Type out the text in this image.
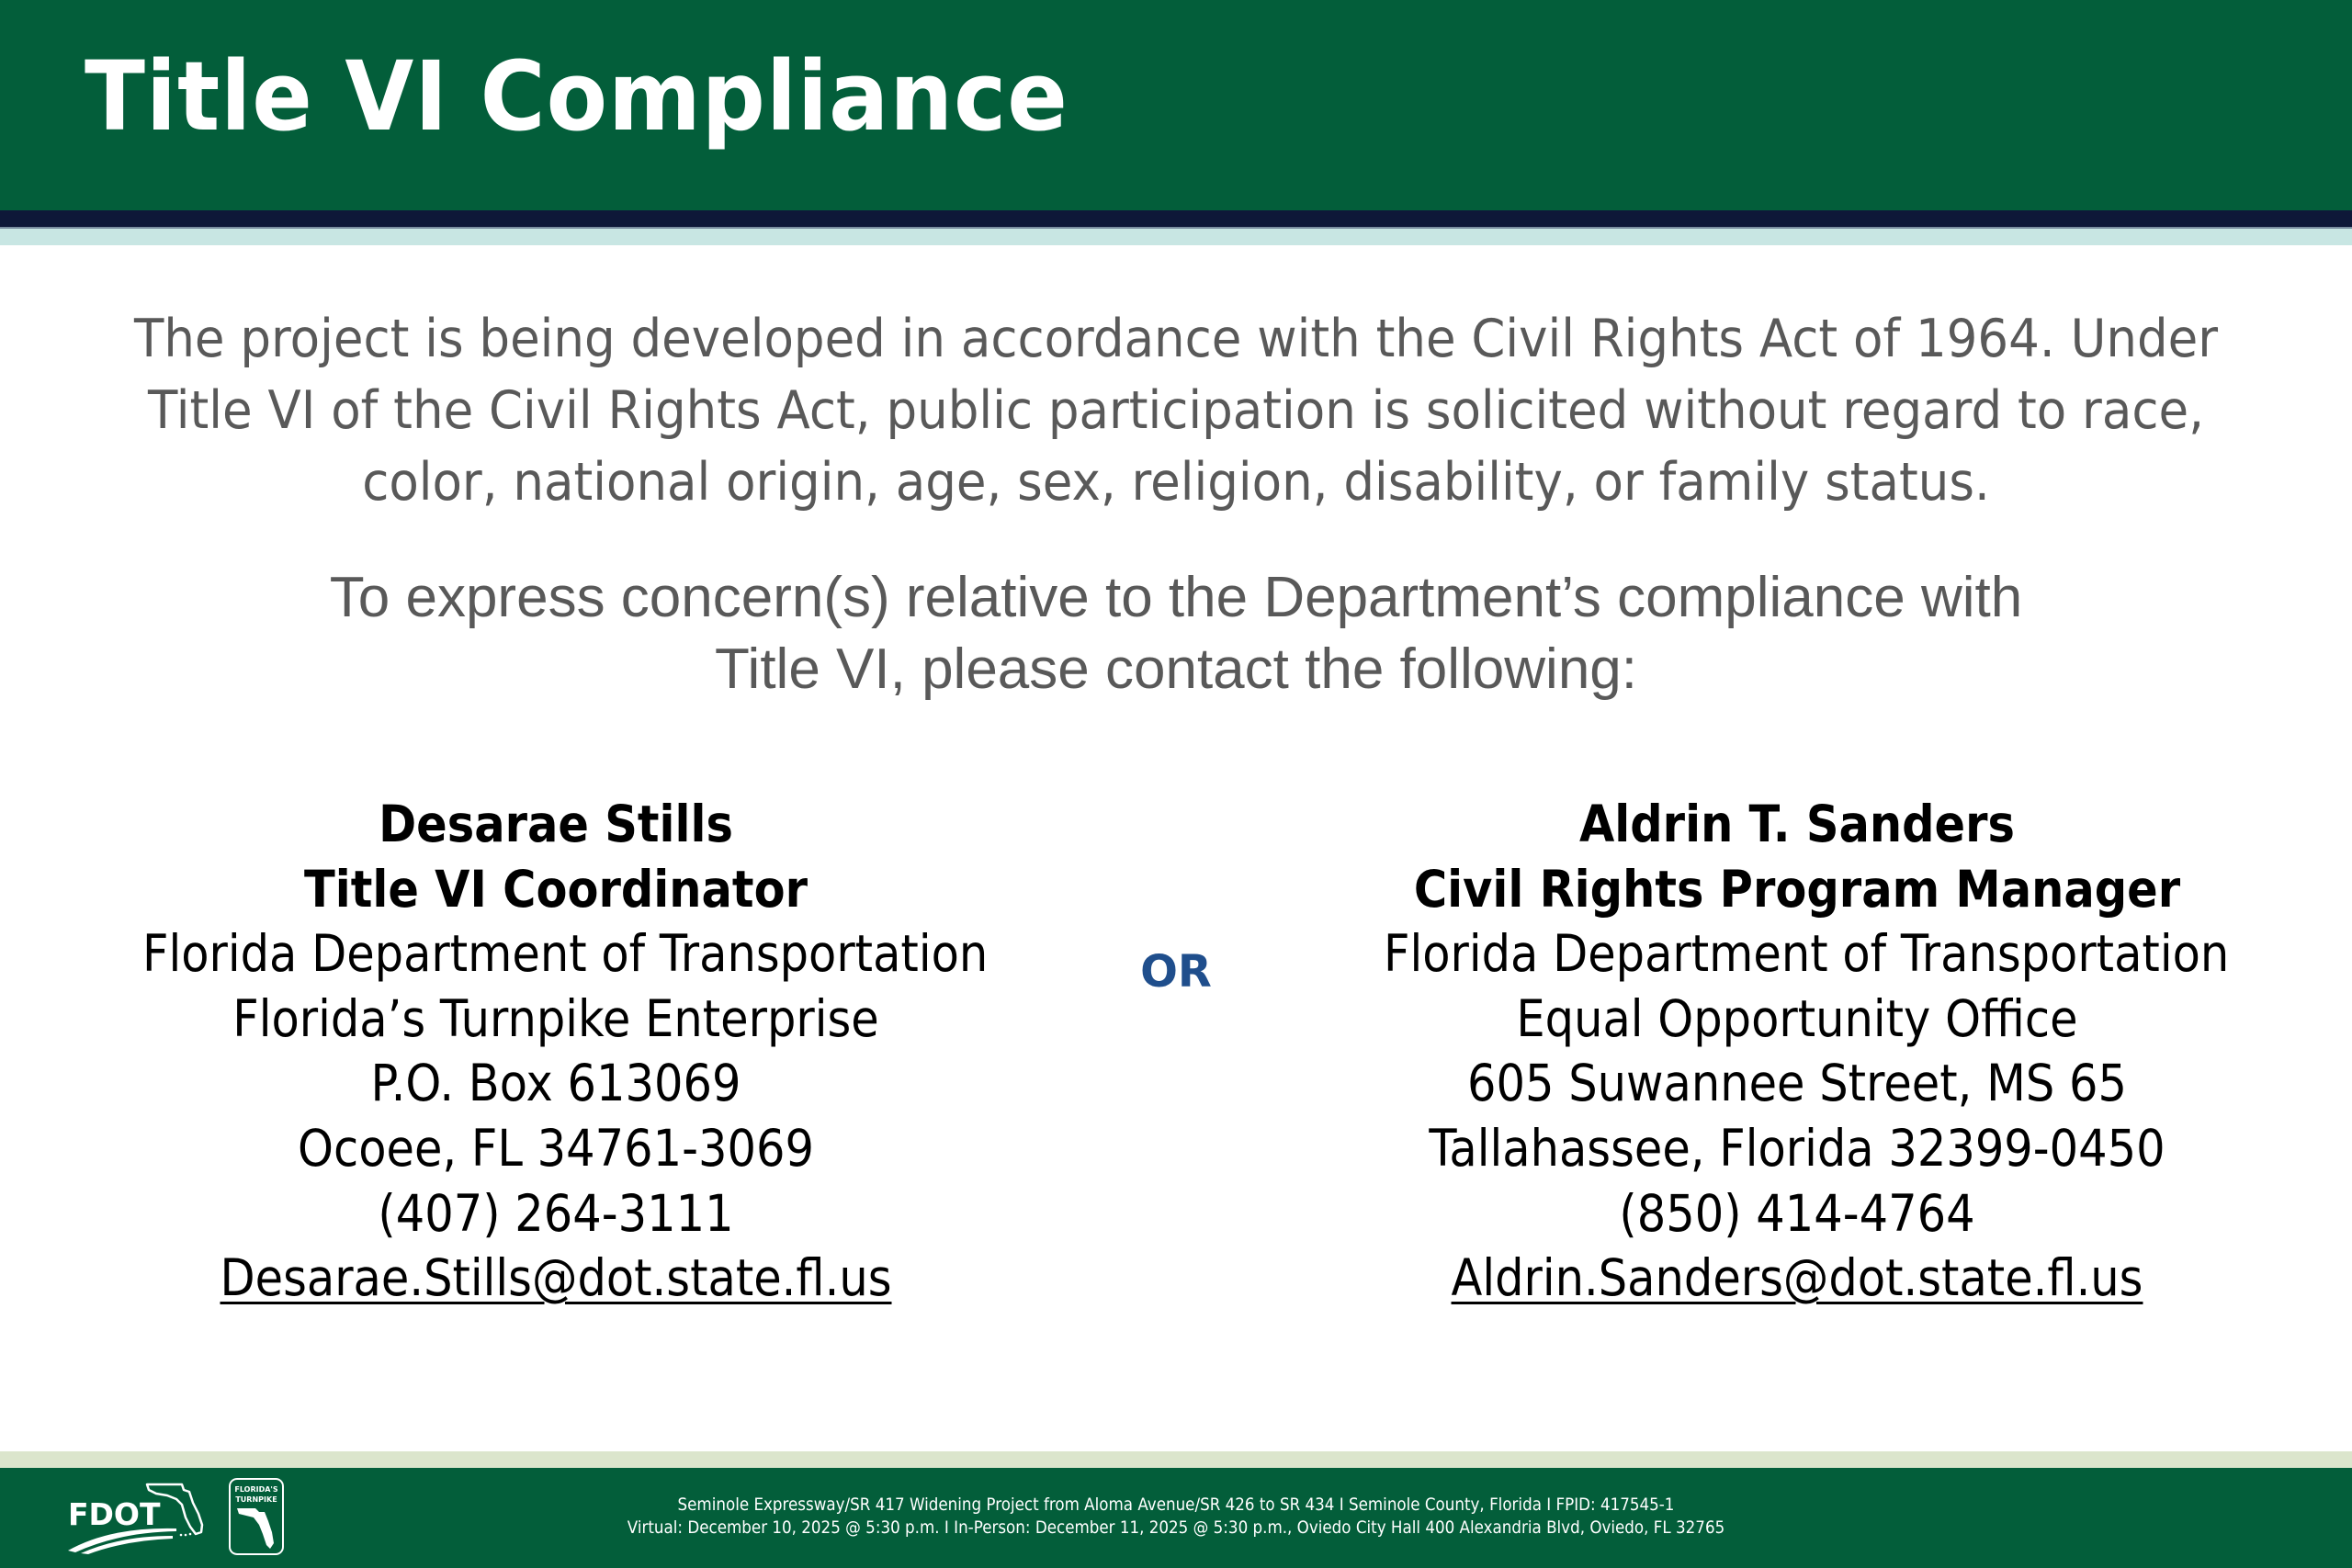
Title VI Compliance

The project is being developed in accordance with the Civil Rights Act of 1964. Under
Title VI of the Civil Rights Act, public participation is solicited without regard to race,
color, national origin, age, sex, religion, disability, or family status.

To express concern(s) relative to the Department’s compliance with
Title VI, please contact the following:

Desarae Stills
Title VI Coordinator
Florida Department of Transportation
Florida’s Turnpike Enterprise
P.O. Box 613069
Ocoee, FL 34761-3069
(407) 264-3111
Desarae.Stills@dot.state.fl.us
OR
Aldrin T. Sanders
Civil Rights Program Manager
Florida Department of Transportation
Equal Opportunity Office
605 Suwannee Street, MS 65
Tallahassee, Florida 32399-0450
(850) 414-4764
Aldrin.Sanders@dot.state.fl.us
FDOT
FLORIDA'S
TURNPIKE	Seminole Expressway/SR 417 Widening Project from Aloma Avenue/SR 426 to SR 434 I Seminole County, Florida I FPID: 417545-1
Virtual: December 10, 2025 @ 5:30 p.m. I In-Person: December 11, 2025 @ 5:30 p.m., Oviedo City Hall 400 Alexandria Blvd, Oviedo, FL 32765
